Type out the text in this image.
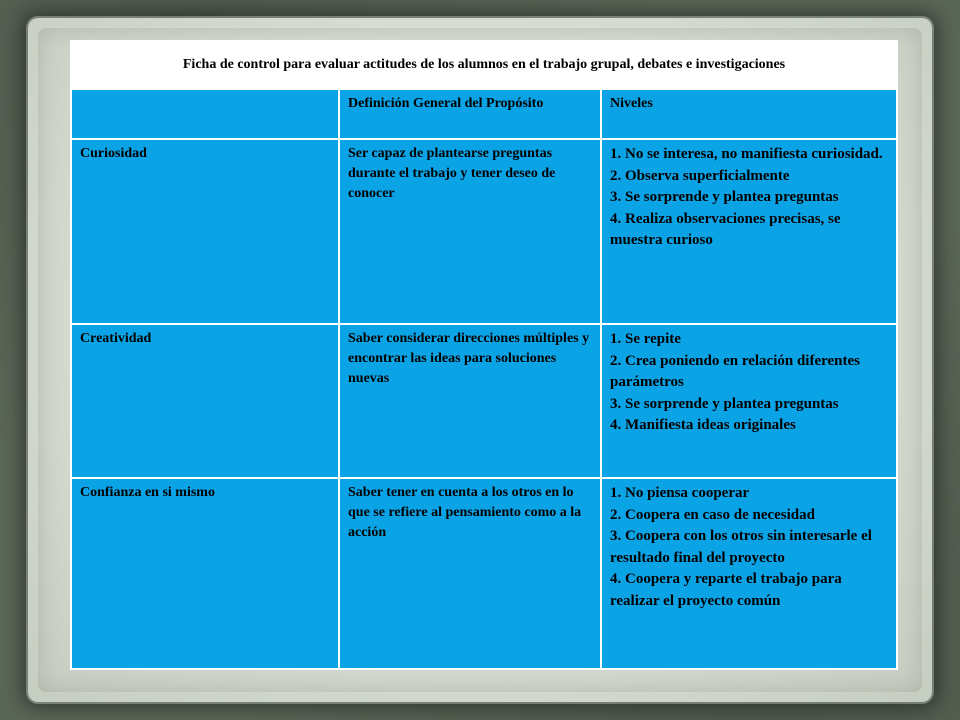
Ficha de control para evaluar actitudes de los alumnos en el trabajo grupal, debates e investigaciones
Definición General del Propósito	Niveles
Curiosidad	Ser capaz de plantearse preguntas durante el trabajo y tener deseo de conocer
1. No se interesa, no manifiesta curiosidad.
2. Observa superficialmente
3. Se sorprende y plantea preguntas
4. Realiza observaciones precisas, se muestra curioso
Creatividad	Saber considerar direcciones múltiples y encontrar las ideas para soluciones nuevas
1. Se repite
2. Crea poniendo en relación diferentes parámetros
3. Se sorprende y plantea preguntas
4. Manifiesta ideas originales
Confianza en si mismo	Saber tener en cuenta a los otros en lo que se refiere al pensamiento como a la acción
1. No piensa cooperar
2. Coopera en caso de necesidad
3. Coopera con los otros sin interesarle el resultado final del proyecto
4. Coopera y reparte el trabajo para realizar el proyecto común
